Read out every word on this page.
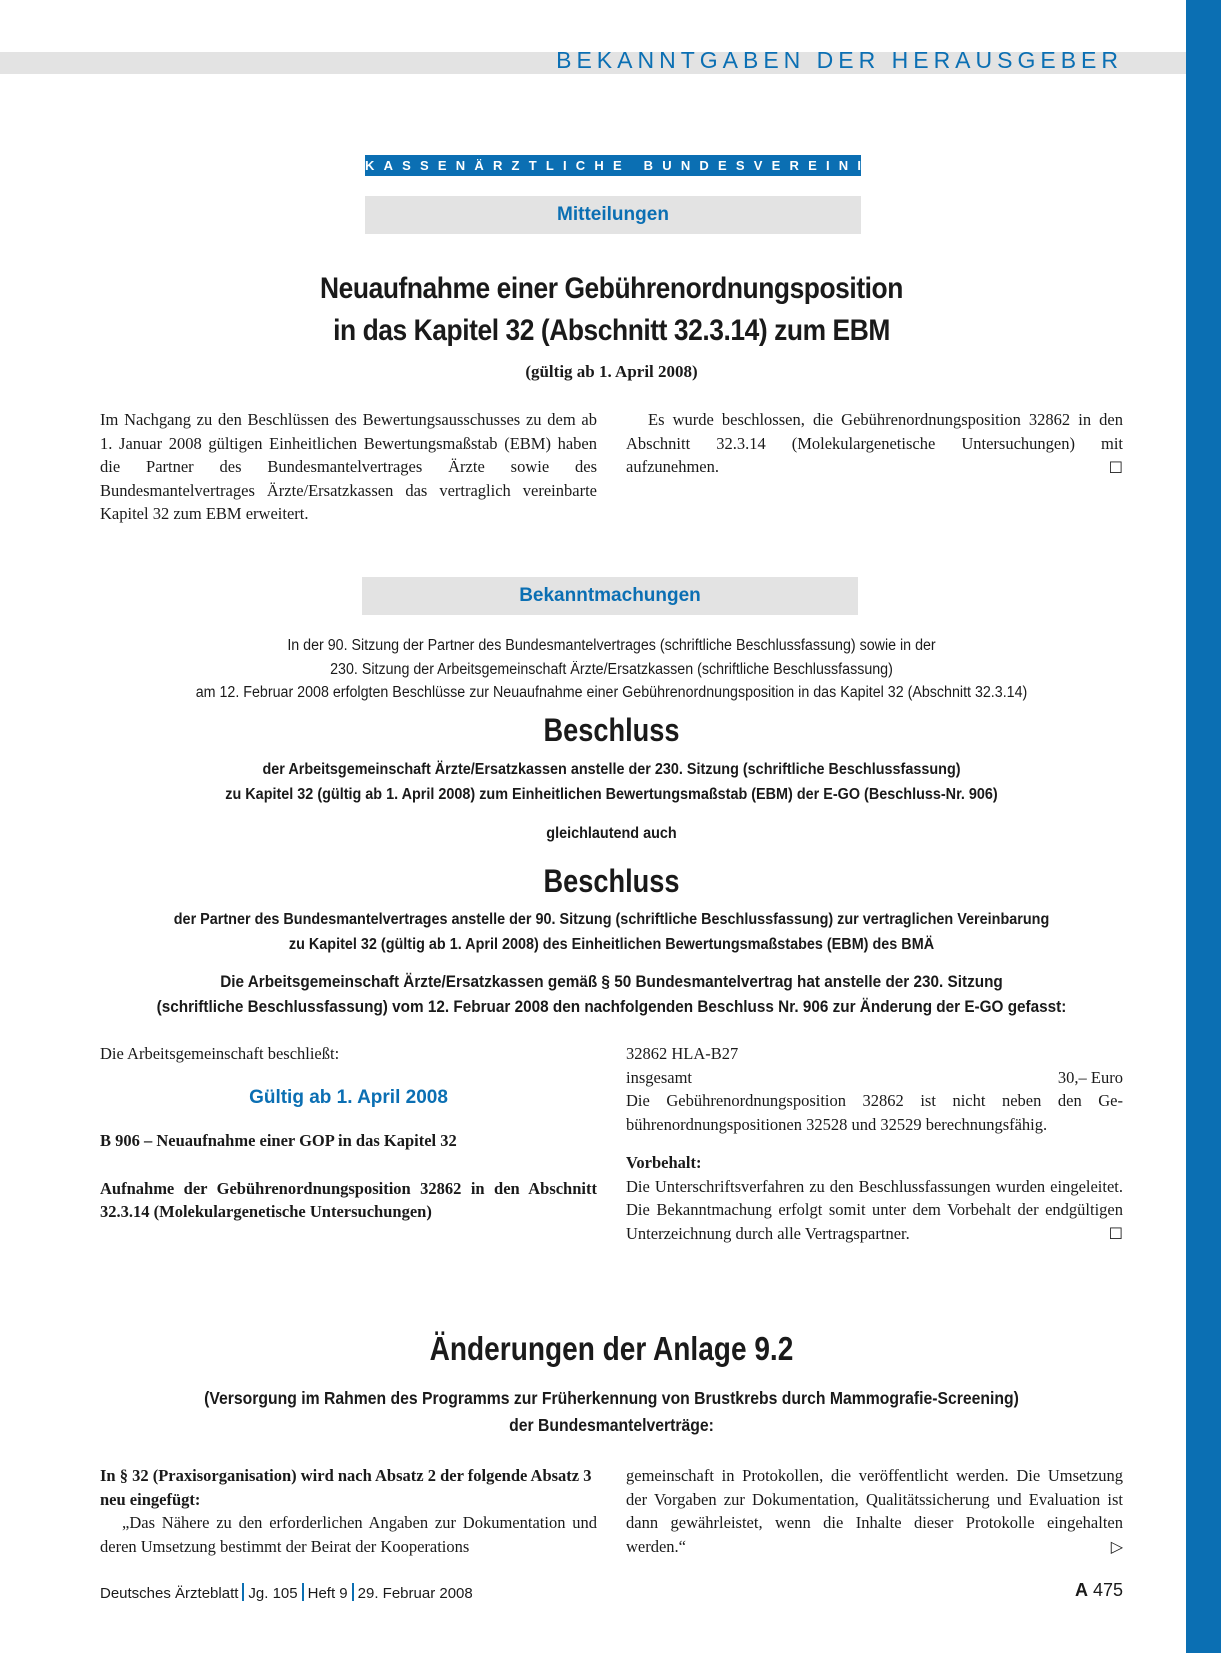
BEKANNTGABEN DER HERAUSGEBER
KASSENÄRZTLICHE BUNDESVEREINIGUNG
Mitteilungen
Neuaufnahme einer Gebührenordnungsposition
in das Kapitel 32 (Abschnitt 32.3.14) zum EBM
(gültig ab 1. April 2008)
Im Nachgang zu den Beschlüssen des Bewertungsausschusses zu dem ab 1. Januar 2008 gültigen Einheitlichen Bewertungsmaßstab (EBM) haben die Partner des Bundesmantelvertrages Ärzte sowie des Bundesmantelvertrages Ärzte/Ersatzkassen das vertraglich vereinbarte Kapitel 32 zum EBM erweitert.

Es wurde beschlossen, die Gebührenordnungsposition 32862 in den Abschnitt 32.3.14 (Molekulargenetische Untersuchungen) mit aufzunehmen.	☐
Bekanntmachungen
In der 90. Sitzung der Partner des Bundesmantelvertrages (schriftliche Beschlussfassung) sowie in der
230. Sitzung der Arbeitsgemeinschaft Ärzte/Ersatzkassen (schriftliche Beschlussfassung)
am 12. Februar 2008 erfolgten Beschlüsse zur Neuaufnahme einer Gebührenordnungsposition in das Kapitel 32 (Abschnitt 32.3.14)
Beschluss
der Arbeitsgemeinschaft Ärzte/Ersatzkassen anstelle der 230. Sitzung (schriftliche Beschlussfassung)
zu Kapitel 32 (gültig ab 1. April 2008) zum Einheitlichen Bewertungsmaßstab (EBM) der E-GO (Beschluss-Nr. 906)
gleichlautend auch
Beschluss
der Partner des Bundesmantelvertrages anstelle der 90. Sitzung (schriftliche Beschlussfassung) zur vertraglichen Vereinbarung
zu Kapitel 32 (gültig ab 1. April 2008) des Einheitlichen Bewertungsmaßstabes (EBM) des BMÄ
Die Arbeitsgemeinschaft Ärzte/Ersatzkassen gemäß § 50 Bundesmantelvertrag hat anstelle der 230. Sitzung
(schriftliche Beschlussfassung) vom 12. Februar 2008 den nachfolgenden Beschluss Nr. 906 zur Änderung der E-GO gefasst:

Die Arbeitsgemeinschaft beschließt:

Gültig ab 1. April 2008

B 906 – Neuaufnahme einer GOP in das Kapitel 32

Aufnahme der Gebührenordnungsposition 32862 in den Abschnitt 32.3.14 (Molekulargenetische Untersuchungen)

32862 HLA-B27

insgesamt	30,– Euro

Die Gebührenordnungsposition 32862 ist nicht neben den Gebührenordnungspositionen 32528 und 32529 berechnungsfähig.

Vorbehalt:

Die Unterschriftsverfahren zu den Beschlussfassungen wurden eingeleitet. Die Bekanntmachung erfolgt somit unter dem Vorbehalt der endgültigen Unterzeichnung durch alle Vertragspartner.	☐
Änderungen der Anlage 9.2
(Versorgung im Rahmen des Programms zur Früherkennung von Brustkrebs durch Mammografie-Screening)
der Bundesmantelverträge:

In § 32 (Praxisorganisation) wird nach Absatz 2 der folgende Absatz 3 neu eingefügt:

„Das Nähere zu den erforderlichen Angaben zur Dokumentation und deren Umsetzung bestimmt der Beirat der Kooperations

gemeinschaft in Protokollen, die veröffentlicht werden. Die Umsetzung der Vorgaben zur Dokumentation, Qualitätssicherung und Evaluation ist dann gewährleistet, wenn die Inhalte dieser Protokolle eingehalten werden.“	▷
Deutsches Ärzteblatt Jg. 105 Heft 9 29. Februar 2008	A 475
